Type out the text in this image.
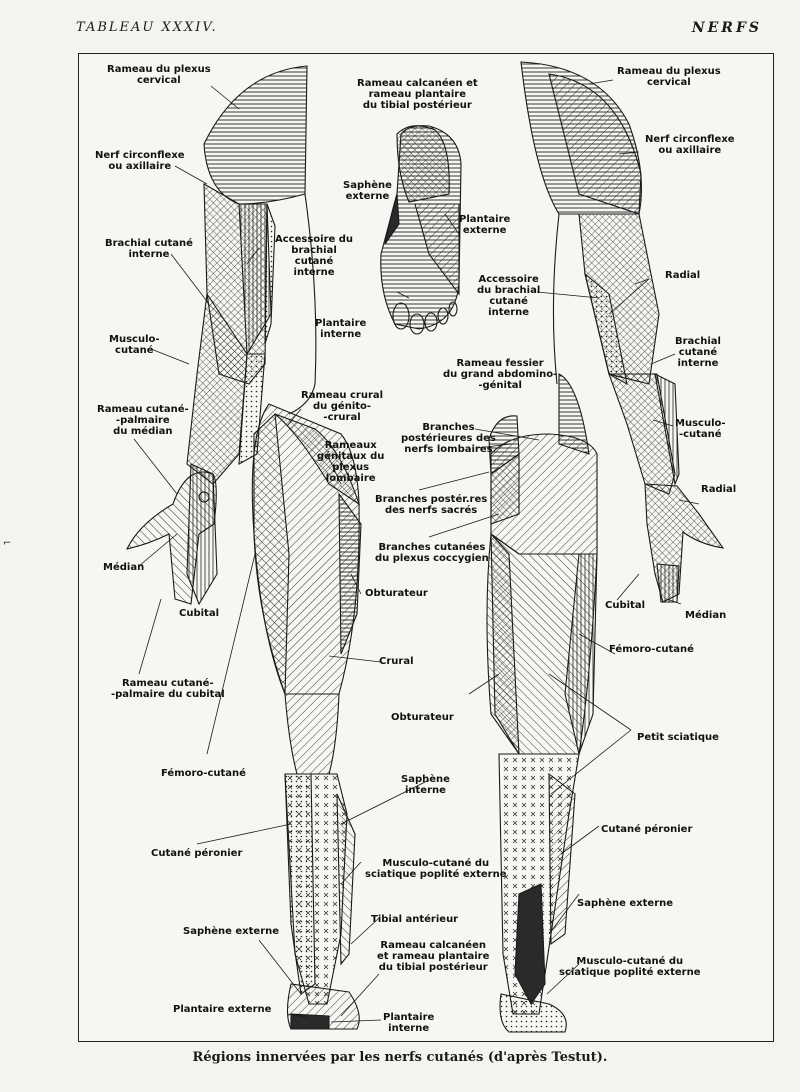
TABLEAU XXXIV.	NERFS
⌐
Rameau du plexus
cervical
Nerf circonflexe
ou axillaire
Brachial cutané
interne
Accessoire du
brachial
cutané
interne
Musculo-
cutané
Rameau cutané-
-palmaire
du médian
Médian
Cubital
Rameau cutané-
-palmaire du cubital
Fémoro-cutané
Cutané péronier
Saphène externe
Plantaire externe
Rameau calcanéen et
rameau plantaire
du tibial postérieur
Saphène
externe
Plantaire
externe
Plantaire
interne
Rameau crural
du génito-
-crural
Rameaux
génitaux du
plexus
lombaire
Obturateur
Crural
Saphène
interne
Musculo-cutané du
sciatique poplité externe
Tibial antérieur
Rameau calcanéen
et rameau plantaire
du tibial postérieur
Plantaire
interne
Rameau fessier
du grand abdomino-
-génital
Branches
postérieures des
nerfs lombaires
Branches postér.res
des nerfs sacrés
Branches cutanées
du plexus coccygien
Obturateur
Rameau du plexus
cervical
Nerf circonflexe
ou axillaire
Accessoire
du brachial
cutané
interne
Radial
Brachial
cutané
interne
Musculo-
-cutané
Radial
Cubital
Médian
Fémoro-cutané
Petit sciatique
Cutané péronier
Saphène externe
Musculo-cutané du
sciatique poplité externe
Régions innervées par les nerfs cutanés (d'après Testut).
